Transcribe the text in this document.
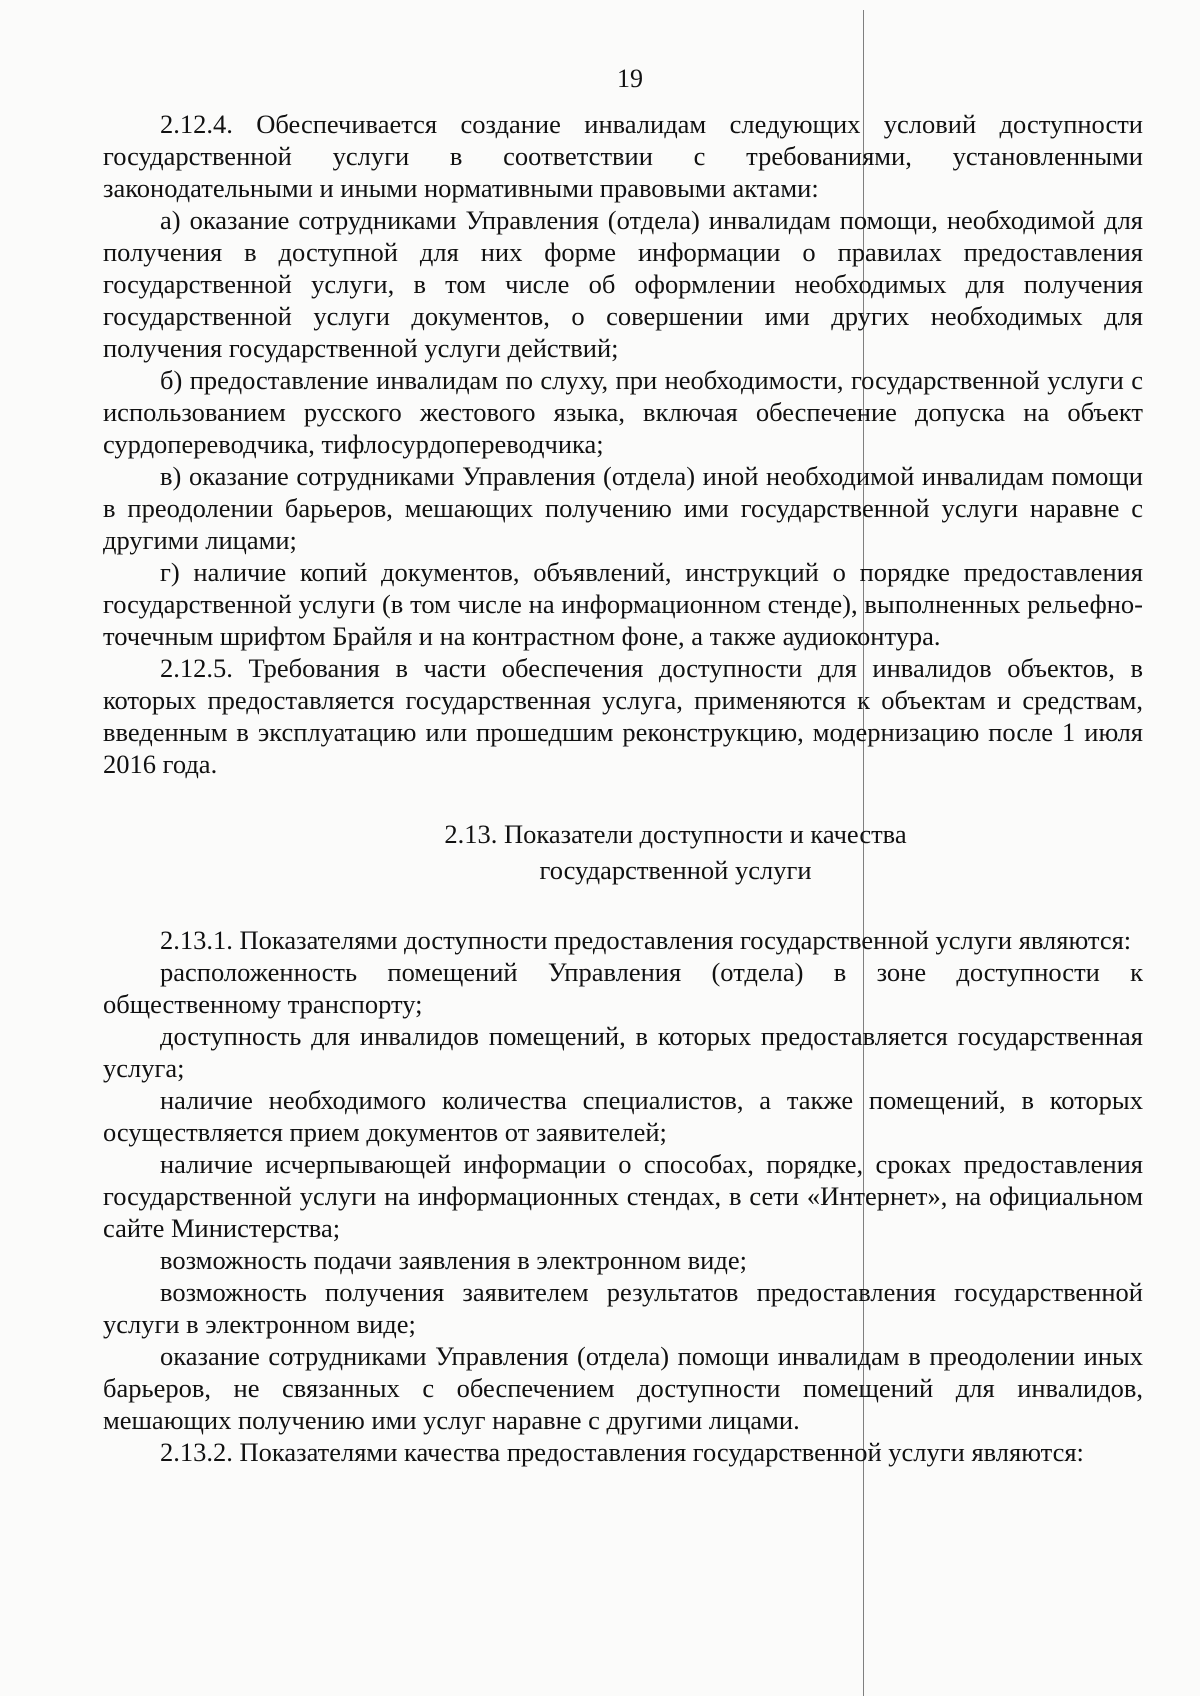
19

2.12.4. Обеспечивается создание инвалидам следующих условий доступности государственной услуги в соответствии с требованиями, установленными законодательными и иными нормативными правовыми актами:

а) оказание сотрудниками Управления (отдела) инвалидам помощи, необходимой для получения в доступной для них форме информации о правилах предоставления государственной услуги, в том числе об оформлении необходимых для получения государственной услуги документов, о совершении ими других необходимых для получения государственной услуги действий;

б) предоставление инвалидам по слуху, при необходимости, государственной услуги с использованием русского жестового языка, включая обеспечение допуска на объект сурдопереводчика, тифлосурдопереводчика;

в) оказание сотрудниками Управления (отдела) иной необходимой инвалидам помощи в преодолении барьеров, мешающих получению ими государственной услуги наравне с другими лицами;

г) наличие копий документов, объявлений, инструкций о порядке предоставления государственной услуги (в том числе на информационном стенде), выполненных рельефно-точечным шрифтом Брайля и на контрастном фоне, а также аудиоконтура.

2.12.5. Требования в части обеспечения доступности для инвалидов объектов, в которых предоставляется государственная услуга, применяются к объектам и средствам, введенным в эксплуатацию или прошедшим реконструкцию, модернизацию после 1 июля 2016 года.

2.13. Показатели доступности и качества
государственной услуги

2.13.1. Показателями доступности предоставления государственной услуги являются:

расположенность помещений Управления (отдела) в зоне доступности к общественному транспорту;

доступность для инвалидов помещений, в которых предоставляется государственная услуга;

наличие необходимого количества специалистов, а также помещений, в которых осуществляется прием документов от заявителей;

наличие исчерпывающей информации о способах, порядке, сроках предоставления государственной услуги на информационных стендах, в сети «Интернет», на официальном сайте Министерства;

возможность подачи заявления в электронном виде;

возможность получения заявителем результатов предоставления государственной услуги в электронном виде;

оказание сотрудниками Управления (отдела) помощи инвалидам в преодолении иных барьеров, не связанных с обеспечением доступности помещений для инвалидов, мешающих получению ими услуг наравне с другими лицами.

2.13.2. Показателями качества предоставления государственной услуги являются:
